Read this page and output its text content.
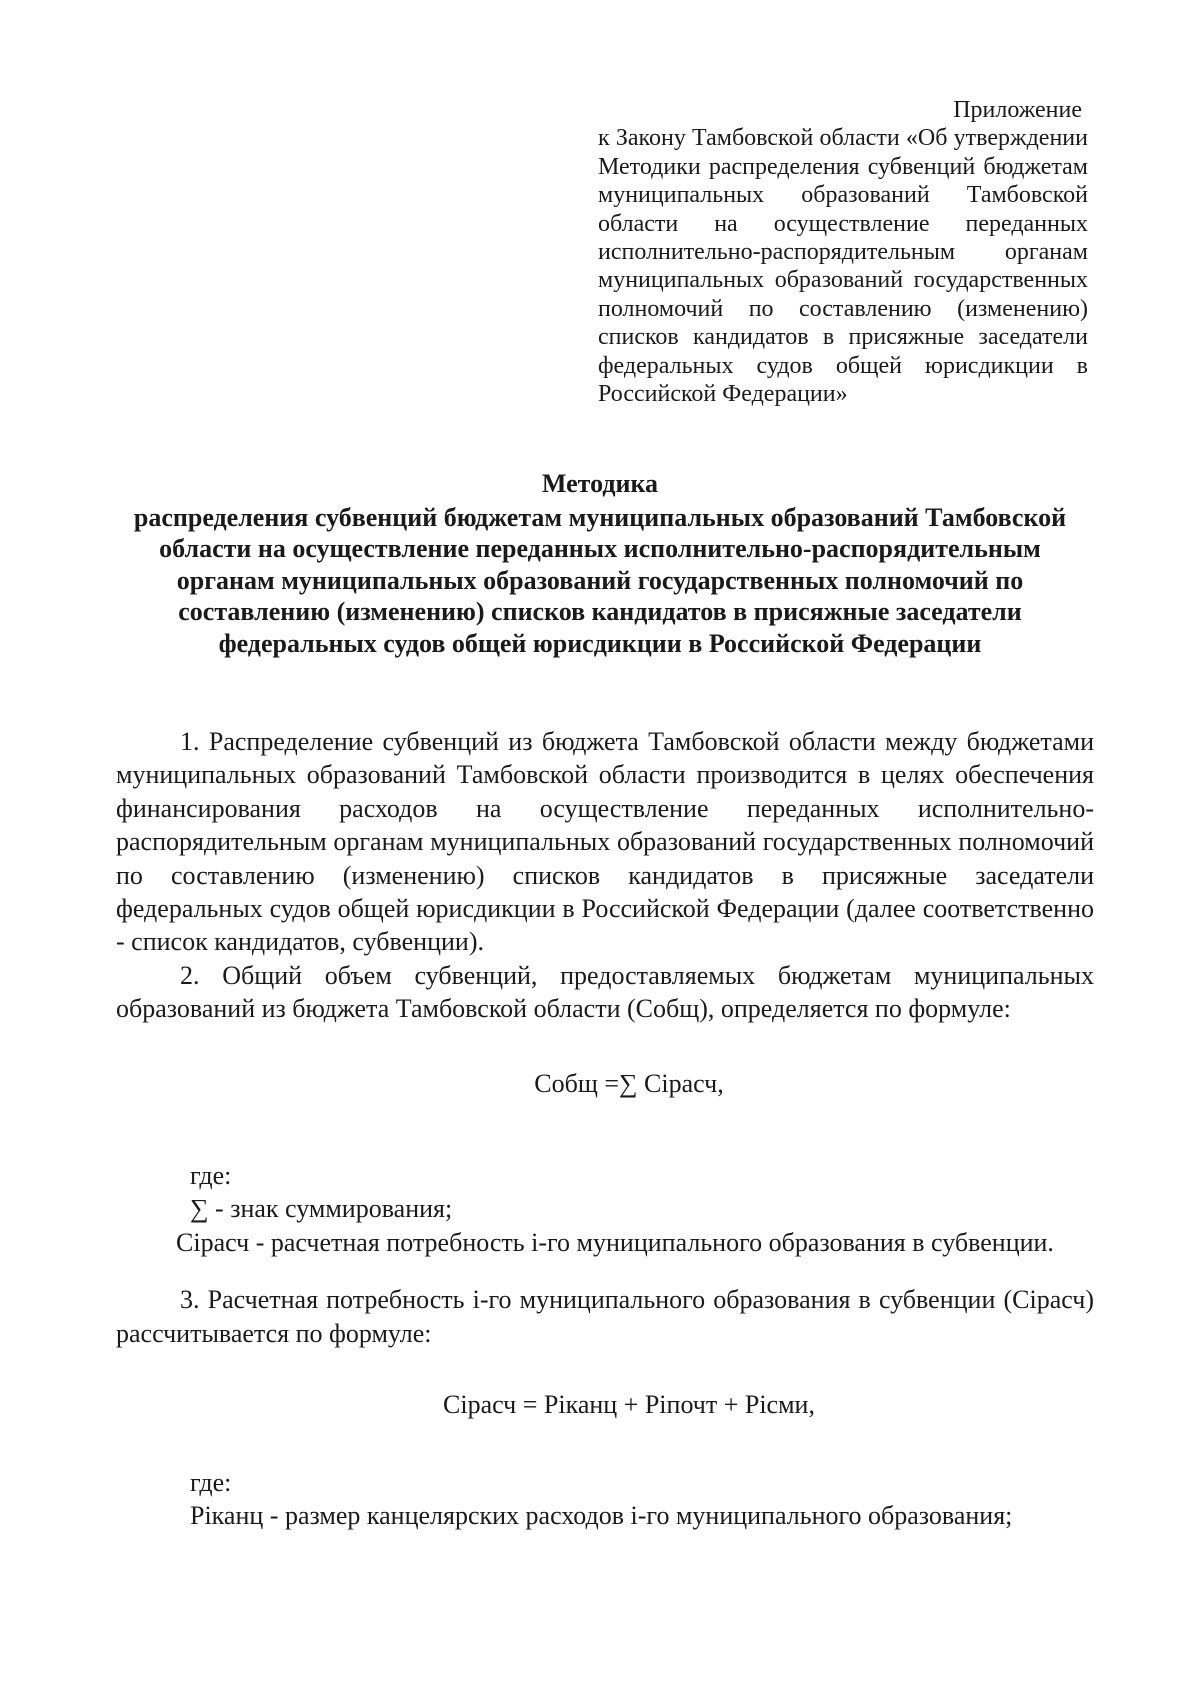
Приложение
к Закону Тамбовской области «Об утверждении Методики распределения субвенций бюджетам муниципальных образований Тамбовской области на осуществление переданных исполнительно-распорядительным органам муниципальных образований государственных полномочий по составлению (изменению) списков кандидатов в присяжные заседатели федеральных судов общей юрисдикции в Российской Федерации»
Методика
распределения субвенций бюджетам муниципальных образований Тамбовской области на осуществление переданных исполнительно-распорядительным органам муниципальных образований государственных полномочий по составлению (изменению) списков кандидатов в присяжные заседатели федеральных судов общей юрисдикции в Российской Федерации

1. Распределение субвенций из бюджета Тамбовской области между бюджетами муниципальных образований Тамбовской области производится в целях обеспечения финансирования расходов на осуществление переданных исполнительно-распорядительным органам муниципальных образований государственных полномочий по составлению (изменению) списков кандидатов в присяжные заседатели федеральных судов общей юрисдикции в Российской Федерации (далее соответственно - список кандидатов, субвенции).

2. Общий объем субвенций, предоставляемых бюджетам муниципальных образований из бюджета Тамбовской области (Cобщ), определяется по формуле:

Cобщ =∑ Ciрасч,

где:

∑ - знак суммирования;

Ciрасч - расчетная потребность i-го муниципального образования в субвенции.

3. Расчетная потребность i-го муниципального образования в субвенции (Ciрасч) рассчитывается по формуле:

Ciрасч = Piканц + Piпочт + Piсми,

где:

Piканц - размер канцелярских расходов i-го муниципального образования;
